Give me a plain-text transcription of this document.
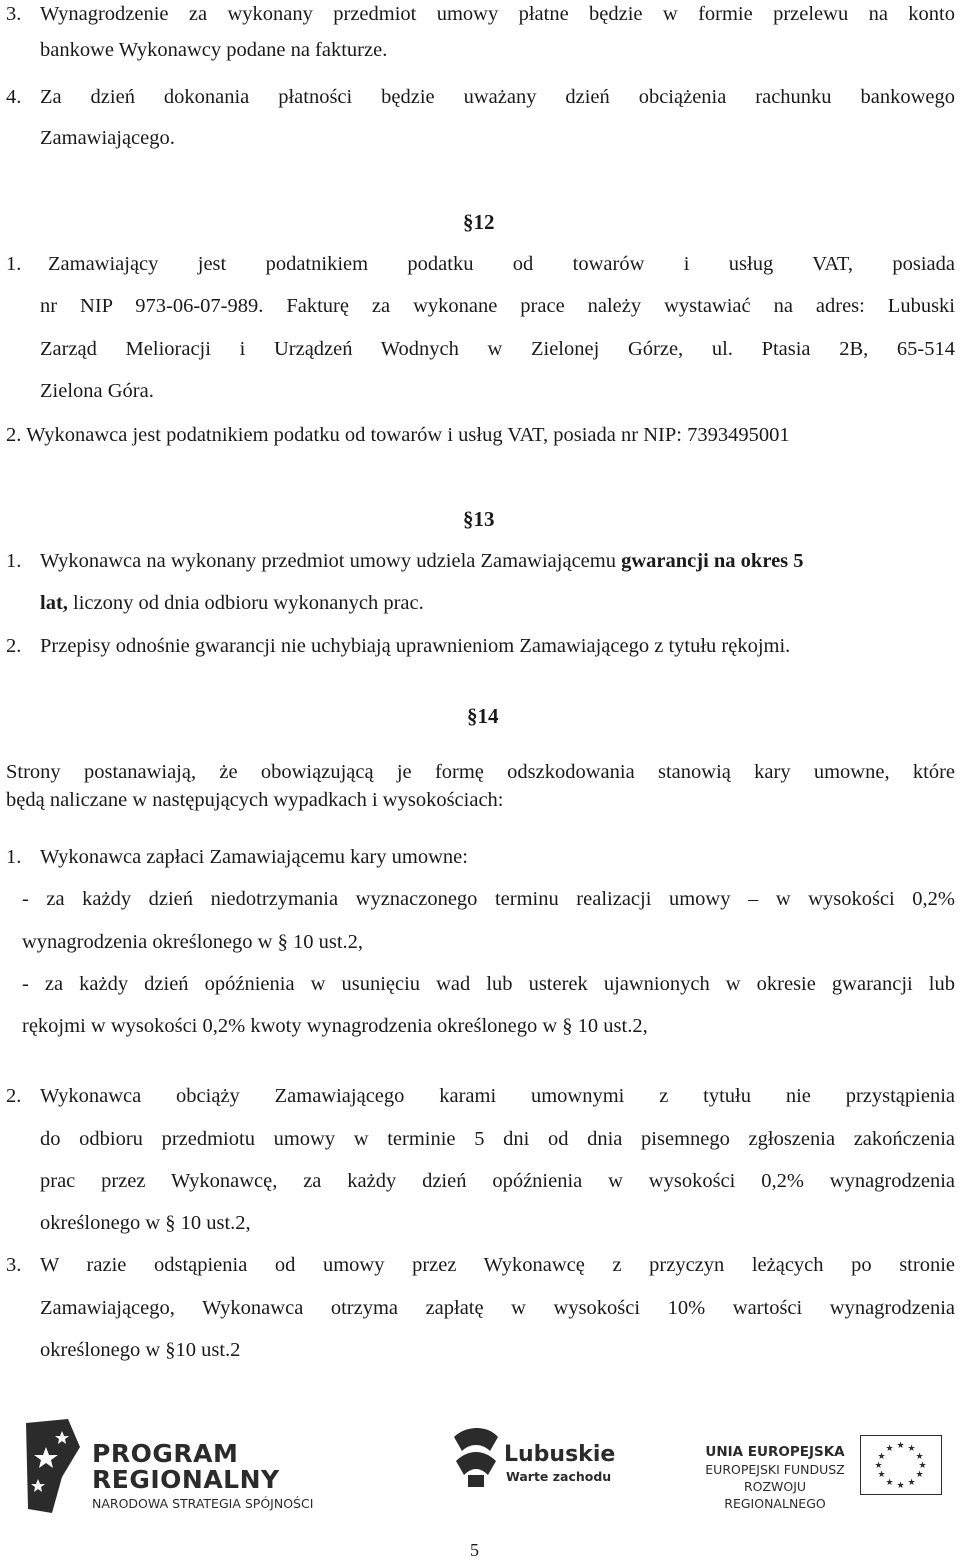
3. Wynagrodzenie za wykonany przedmiot umowy płatne będzie w formie przelewu na konto
bankowe Wykonawcy podane na fakturze.
4. Za dzień dokonania płatności będzie uważany dzień obciążenia rachunku bankowego
Zamawiającego.
§12
1. Zamawiający jest podatnikiem podatku od towarów i usług VAT, posiada
nr NIP 973-06-07-989. Fakturę za wykonane prace należy wystawiać na adres: Lubuski
Zarząd Melioracji i Urządzeń Wodnych w Zielonej Górze, ul. Ptasia 2B, 65-514
Zielona Góra.
2. Wykonawca jest podatnikiem podatku od towarów i usług VAT, posiada nr NIP: 7393495001
§13
1. Wykonawca na wykonany przedmiot umowy udziela Zamawiającemu gwarancji na okres 5
lat, liczony od dnia odbioru wykonanych prac.
2. Przepisy odnośnie gwarancji nie uchybiają uprawnieniom Zamawiającego z tytułu rękojmi.
§14
Strony postanawiają, że obowiązującą je formę odszkodowania stanowią kary umowne, które
będą naliczane w następujących wypadkach i wysokościach:
1. Wykonawca zapłaci Zamawiającemu kary umowne:
- za każdy dzień niedotrzymania wyznaczonego terminu realizacji umowy – w wysokości 0,2%
wynagrodzenia określonego w § 10 ust.2,
- za każdy dzień opóźnienia w usunięciu wad lub usterek ujawnionych w okresie gwarancji lub
rękojmi w wysokości 0,2% kwoty wynagrodzenia określonego w § 10 ust.2,
2. Wykonawca obciąży Zamawiającego karami umownymi z tytułu nie przystąpienia
do odbioru przedmiotu umowy w terminie 5 dni od dnia pisemnego zgłoszenia zakończenia
prac przez Wykonawcę, za każdy dzień opóźnienia w wysokości 0,2% wynagrodzenia
określonego w § 10 ust.2,
3. W razie odstąpienia od umowy przez Wykonawcę z przyczyn leżących po stronie
Zamawiającego, Wykonawca otrzyma zapłatę w wysokości 10% wartości wynagrodzenia
określonego w §10 ust.2
PROGRAM
REGIONALNY
NARODOWA STRATEGIA SPÓJNOŚCI
Lubuskie
Warte zachodu
UNIA EUROPEJSKA
EUROPEJSKI FUNDUSZ
ROZWOJU REGIONALNEGO
★ ★
★
★
★
★
★
★
★
★
★
★
5
